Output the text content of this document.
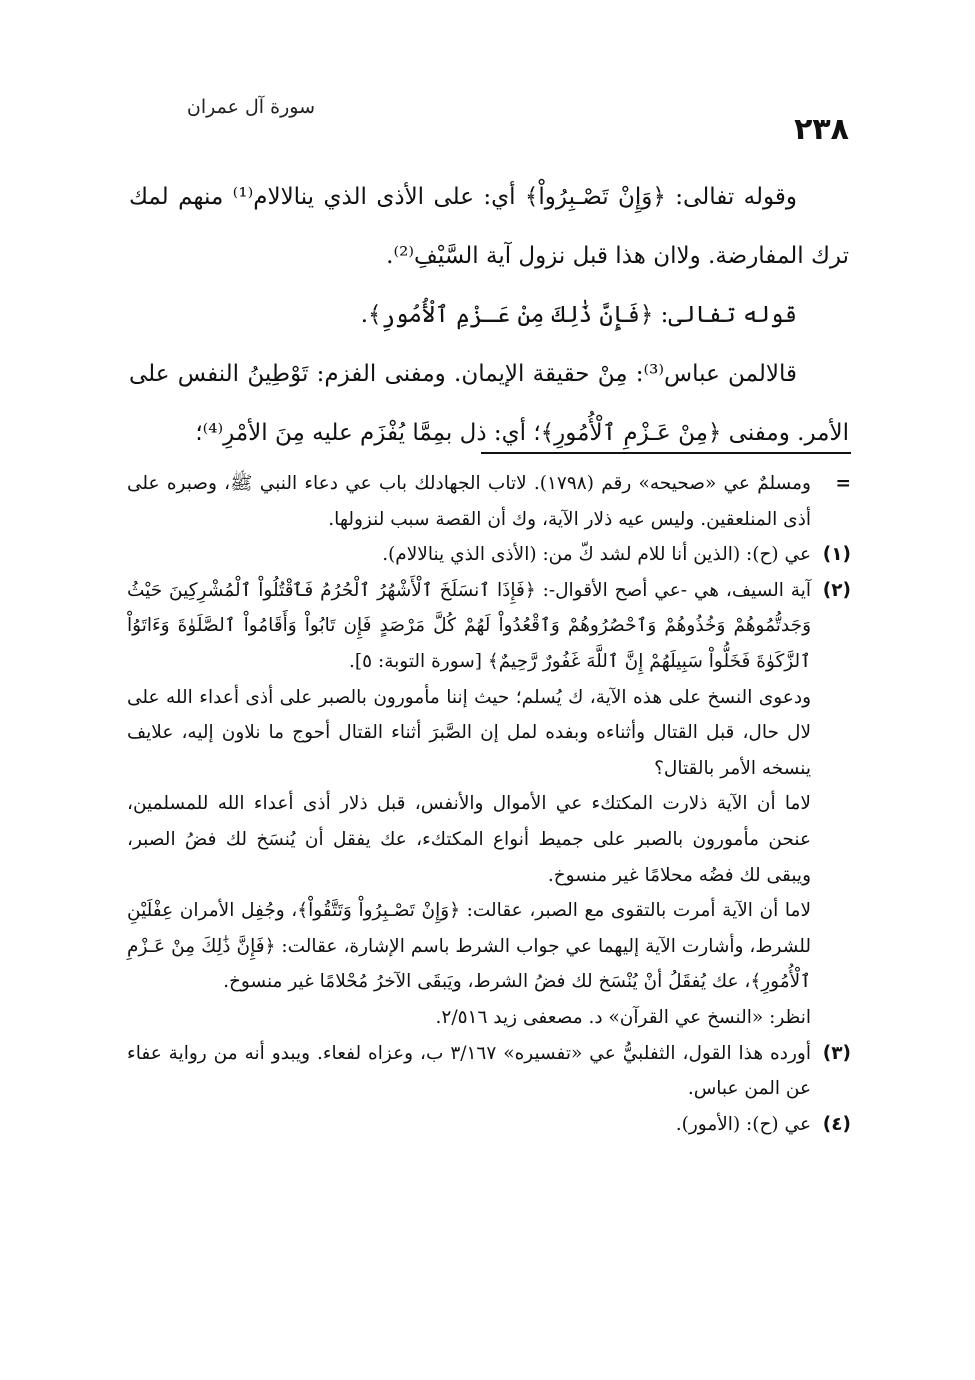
سورة آل عمران
٢٣٨

وقوله تفالى: ﴿وَإِنْ تَصْـبِرُواْ﴾ أي: على الأذى الذي ينالالام⁽¹⁾ منهم لمك ترك المفارضة. ولاان هذا قبل نزول آية السَّيْفِ⁽²⁾.

قوله تفالى: ﴿فَإِنَّ ذَٰلِكَ مِنْ عَـزْمِ ٱلْأُمُورِ﴾.

قالالمن عباس⁽³⁾: مِنْ حقيقة الإيمان. ومفنى الفزم: تَوْطِينُ النفس على الأمر. ومفنى ﴿مِنْ عَـزْمِ ٱلْأُمُورِ﴾؛ أي: ذل بمِمَّا يُفْزَم عليه مِنَ الأمْرِ⁽⁴⁾؛

=
ومسلمٌ عي «صحيحه» رقم (١٧٩٨). لاتاب الجهادلك باب عي دعاء النبي ﷺ، وصبره على أذى المنلعقين. وليس عيه ذلار الآية، وك أن القصة سبب لنزولها.
(١)
عي (ح): (الذين أنا للام لشد كّ من: (الأذى الذي ينالالام).
(٢)
آية السيف، هي -عي أصح الأقوال-: ﴿فَإِذَا ٱنسَلَخَ ٱلْأَشْهُرُ ٱلْحُرُمُ فَٱقْتُلُواْ ٱلْمُشْرِكِينَ حَيْثُ وَجَدتُّمُوهُمْ وَخُذُوهُمْ وَٱحْصُرُوهُمْ وَٱقْعُدُواْ لَهُمْ كُلَّ مَرْصَدٍ فَإِن تَابُواْ وَأَقَامُواْ ٱلصَّلَوٰةَ وَءَاتَوُاْ ٱلزَّكَوٰةَ فَخَلُّواْ سَبِيلَهُمْ إِنَّ ٱللَّهَ غَفُورٌ رَّحِيمٌ﴾ [سورة التوبة: ٥].
ودعوى النسخ على هذه الآية، ك يُسلم؛ حيث إننا مأمورون بالصبر على أذى أعداء الله على لال حال، قبل القتال وأثناءه وبفده لمل إن الصَّبرَ أثناء القتال أحوج ما نلاون إليه، علايف ينسخه الأمر بالقتال؟
لاما أن الآية ذلارت المكتكء عي الأموال والأنفس، قبل ذلار أذى أعداء الله للمسلمين، عنحن مأمورون بالصبر على جميط أنواع المكتكء، عك يفقل أن يُنسَخ لك فضُ الصبر، ويبقى لك فضُه محلامًا غير منسوخ.
لاما أن الآية أمرت بالتقوى مع الصبر، عقالت: ﴿وَإِنْ تَصْـبِرُواْ وَتَتَّقُواْ﴾، وجُفِل الأمران عِفْلَيْنِ للشرط، وأشارت الآية إليهما عي جواب الشرط باسم الإشارة، عقالت: ﴿فَإِنَّ ذَٰلِكَ مِنْ عَـزْمِ ٱلْأُمُورِ﴾، عك يُفقَلُ أنْ يُنْسَخ لك فضُ الشرط، ويَبقَى الآخرُ مُحْلامًا غير منسوخ.
انظر: «النسخ عي القرآن» د. مصعفى زيد ٢/٥١٦.
(٣)
أورده هذا القول، الثفلبيُّ عي «تفسيره» ٣/١٦٧ ب، وعزاه لفعاء. ويبدو أنه من رواية عفاء عن المن عباس.
(٤)
عي (ح): (الأمور).
